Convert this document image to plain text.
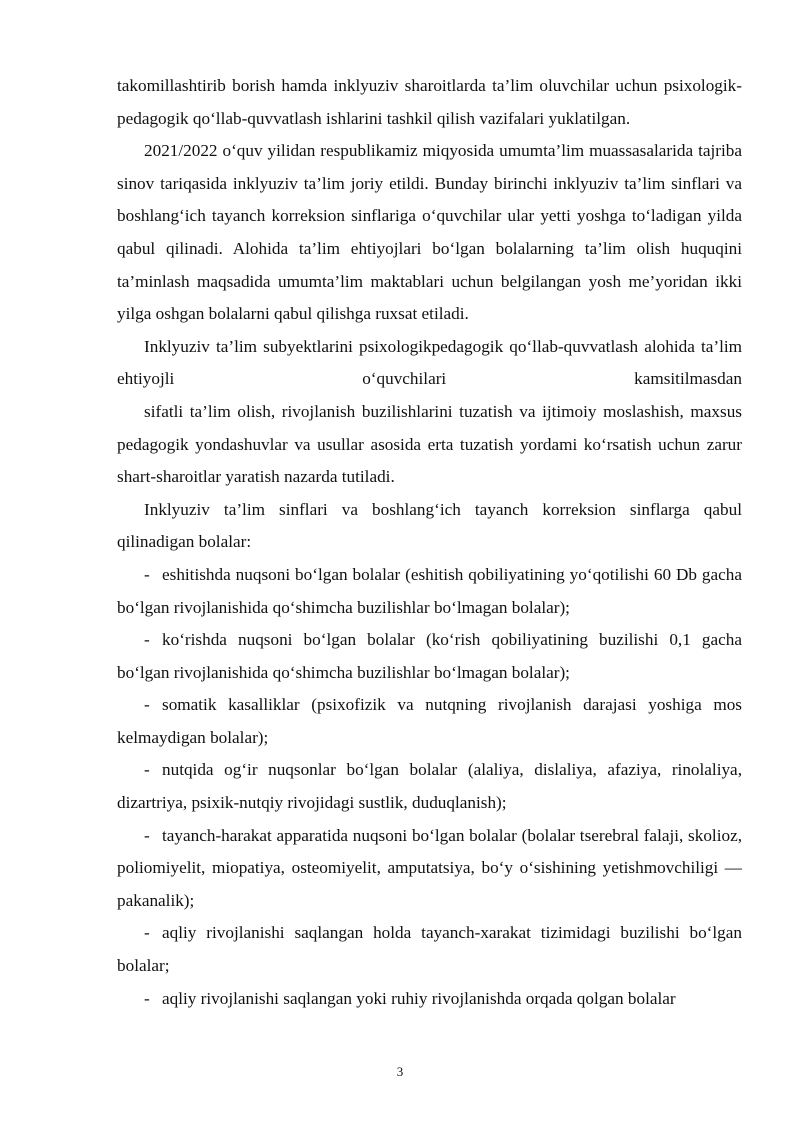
takomillashtirib borish hamda inklyuziv sharoitlarda ta’lim oluvchilar uchun psixologik-pedagogik qo‘llab-quvvatlash ishlarini tashkil qilish vazifalari yuklatilgan.

2021/2022 o‘quv yilidan respublikamiz miqyosida umumta’lim muassasalarida tajriba sinov tariqasida inklyuziv ta’lim joriy etildi. Bunday birinchi inklyuziv ta’lim sinflari va boshlang‘ich tayanch korreksion sinflariga o‘quvchilar ular yetti yoshga to‘ladigan yilda qabul qilinadi. Alohida ta’lim ehtiyojlari bo‘lgan bolalarning ta’lim olish huquqini ta’minlash maqsadida umumta’lim maktablari uchun belgilangan yosh me’yoridan ikki yilga oshgan bolalarni qabul qilishga ruxsat etiladi.

Inklyuziv ta’lim subyektlarini psixologikpedagogik qo‘llab-quvvatlash alohida ta’lim ehtiyojli o‘quvchilari kamsitilmasdan

sifatli ta’lim olish, rivojlanish buzilishlarini tuzatish va ijtimoiy moslashish, maxsus pedagogik yondashuvlar va usullar asosida erta tuzatish yordami ko‘rsatish uchun zarur shart-sharoitlar yaratish nazarda tutiladi.

Inklyuziv ta’lim sinflari va boshlang‘ich tayanch korreksion sinflarga qabul qilinadigan bolalar:

- eshitishda nuqsoni bo‘lgan bolalar (eshitish qobiliyatining yo‘qotilishi 60 Db gacha bo‘lgan rivojlanishida qo‘shimcha buzilishlar bo‘lmagan bolalar);

- ko‘rishda nuqsoni bo‘lgan bolalar (ko‘rish qobiliyatining buzilishi 0,1 gacha bo‘lgan rivojlanishida qo‘shimcha buzilishlar bo‘lmagan bolalar);

- somatik kasalliklar (psixofizik va nutqning rivojlanish darajasi yoshiga mos kelmaydigan bolalar);

- nutqida og‘ir nuqsonlar bo‘lgan bolalar (alaliya, dislaliya, afaziya, rinolaliya, dizartriya, psixik-nutqiy rivojidagi sustlik, duduqlanish);

- tayanch-harakat apparatida nuqsoni bo‘lgan bolalar (bolalar tserebral falaji, skolioz, poliomiyelit, miopatiya, osteomiyelit, amputatsiya, bo‘y o‘sishining yetishmovchiligi — pakanalik);

- aqliy rivojlanishi saqlangan holda tayanch-xarakat tizimidagi buzilishi bo‘lgan bolalar;

- aqliy rivojlanishi saqlangan yoki ruhiy rivojlanishda orqada qolgan bolalar

3
